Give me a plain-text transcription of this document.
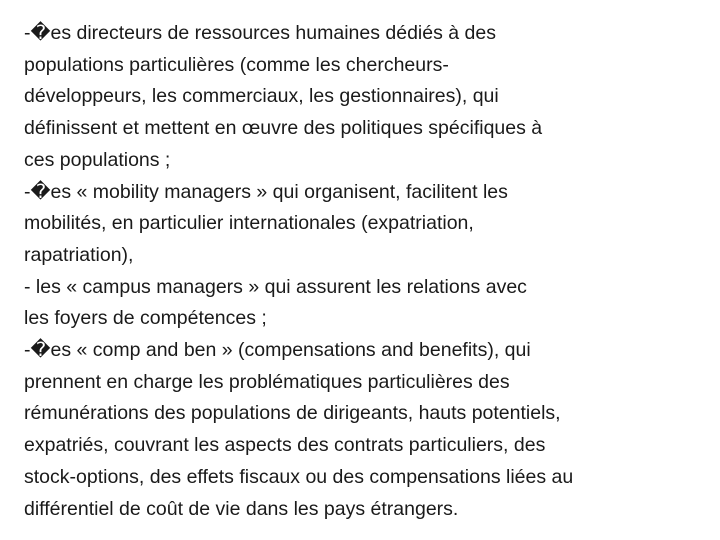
-�es directeurs de ressources humaines dédiés à des
populations particulières (comme les chercheurs-
développeurs, les commerciaux, les gestionnaires), qui
définissent et mettent en œuvre des politiques spécifiques à
ces populations ;
-�es « mobility managers » qui organisent, facilitent les
mobilités, en particulier internationales (expatriation,
rapatriation),
- les « campus managers » qui assurent les relations avec
les foyers de compétences ;
-�es « comp and ben » (compensations and benefits), qui
prennent en charge les problématiques particulières des
rémunérations des populations de dirigeants, hauts potentiels,
expatriés, couvrant les aspects des contrats particuliers, des
stock-options, des effets fiscaux ou des compensations liées au
différentiel de coût de vie dans les pays étrangers.
